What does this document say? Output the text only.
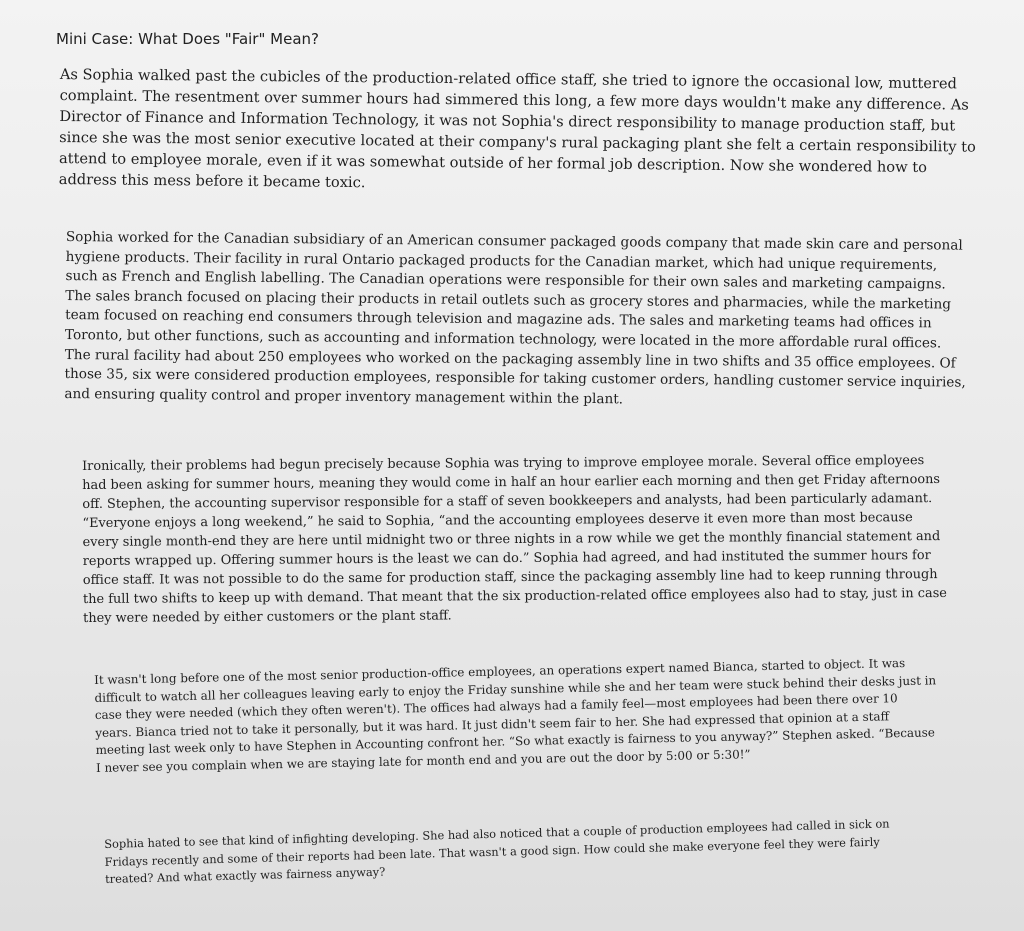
Mini Case: What Does "Fair" Mean?

As Sophia walked past the cubicles of the production-related office staff, she tried to ignore the occasional low, muttered complaint. The resentment over summer hours had simmered this long, a few more days wouldn't make any difference. As Director of Finance and Information Technology, it was not Sophia's direct responsibility to manage production staff, but since she was the most senior executive located at their company's rural packaging plant she felt a certain responsibility to attend to employee morale, even if it was somewhat outside of her formal job description. Now she wondered how to address this mess before it became toxic.

Sophia worked for the Canadian subsidiary of an American consumer packaged goods company that made skin care and personal hygiene products. Their facility in rural Ontario packaged products for the Canadian market, which had unique requirements, such as French and English labelling. The Canadian operations were responsible for their own sales and marketing campaigns. The sales branch focused on placing their products in retail outlets such as grocery stores and pharmacies, while the marketing team focused on reaching end consumers through television and magazine ads. The sales and marketing teams had offices in Toronto, but other functions, such as accounting and information technology, were located in the more affordable rural offices. The rural facility had about 250 employees who worked on the packaging assembly line in two shifts and 35 office employees. Of those 35, six were considered production employees, responsible for taking customer orders, handling customer service inquiries, and ensuring quality control and proper inventory management within the plant.

Ironically, their problems had begun precisely because Sophia was trying to improve employee morale. Several office employees had been asking for summer hours, meaning they would come in half an hour earlier each morning and then get Friday afternoons off. Stephen, the accounting supervisor responsible for a staff of seven bookkeepers and analysts, had been particularly adamant. “Everyone enjoys a long weekend,” he said to Sophia, “and the accounting employees deserve it even more than most because every single month-end they are here until midnight two or three nights in a row while we get the monthly financial statement and reports wrapped up. Offering summer hours is the least we can do.” Sophia had agreed, and had instituted the summer hours for office staff. It was not possible to do the same for production staff, since the packaging assembly line had to keep running through the full two shifts to keep up with demand. That meant that the six production-related office employees also had to stay, just in case they were needed by either customers or the plant staff.

It wasn't long before one of the most senior production-office employees, an operations expert named Bianca, started to object. It was difficult to watch all her colleagues leaving early to enjoy the Friday sunshine while she and her team were stuck behind their desks just in case they were needed (which they often weren't). The offices had always had a family feel—most employees had been there over 10 years. Bianca tried not to take it personally, but it was hard. It just didn't seem fair to her. She had expressed that opinion at a staff meeting last week only to have Stephen in Accounting confront her. “So what exactly is fairness to you anyway?” Stephen asked. “Because I never see you complain when we are staying late for month end and you are out the door by 5:00 or 5:30!”

Sophia hated to see that kind of infighting developing. She had also noticed that a couple of production employees had called in sick on Fridays recently and some of their reports had been late. That wasn't a good sign. How could she make everyone feel they were fairly treated? And what exactly was fairness anyway?
